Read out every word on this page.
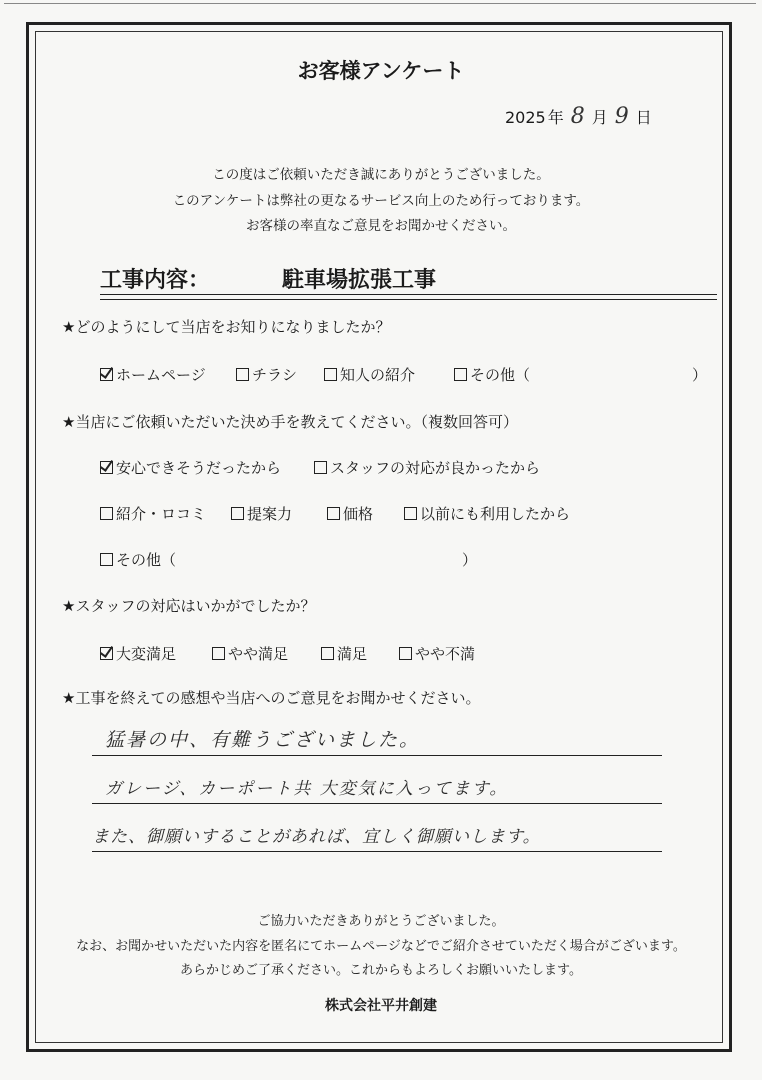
お客様アンケート
2025 年 8 月 9 日
この度はご依頼いただき誠にありがとうございました。
このアンケートは弊社の更なるサービス向上のため行っております。
お客様の率直なご意見をお聞かせください。
工事内容：	駐車場拡張工事
★どのようにして当店をお知りになりましたか？
ホームページ	チラシ	知人の紹介	その他（	）
★当店にご依頼いただいた決め手を教えてください。（複数回答可）
安心できそうだったから	スタッフの対応が良かったから
紹介・ロコミ	提案力	価格	以前にも利用したから
その他（	）
★スタッフの対応はいかがでしたか？
大変満足	やや満足	満足	やや不満
★工事を終えての感想や当店へのご意見をお聞かせください。
猛暑の中、有難うございました。
ガレージ、カーポート共 大変気に入ってます。
また、御願いすることがあれば、宜しく御願いします。
ご協力いただきありがとうございました。
なお、お聞かせいただいた内容を匿名にてホームページなどでご紹介させていただく場合がございます。
あらかじめご了承ください。これからもよろしくお願いいたします。
株式会社平井創建
